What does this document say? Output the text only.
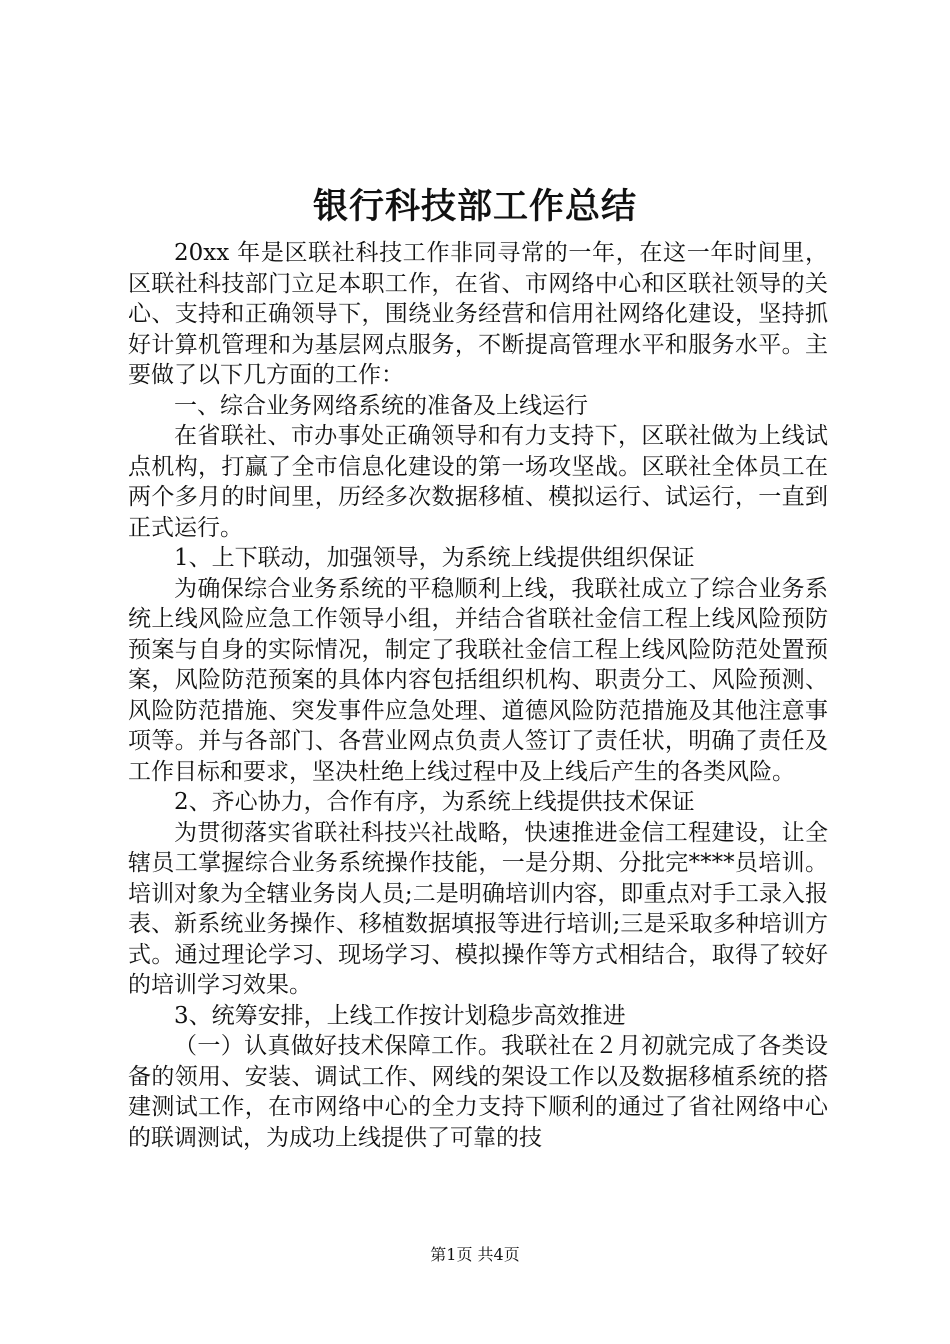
银行科技部工作总结

20xx 年是区联社科技工作非同寻常的一年，在这一年时间里，区联社科技部门立足本职工作，在省、市网络中心和区联社领导的关心、支持和正确领导下，围绕业务经营和信用社网络化建设，坚持抓好计算机管理和为基层网点服务，不断提高管理水平和服务水平。主要做了以下几方面的工作：

一、综合业务网络系统的准备及上线运行

在省联社、市办事处正确领导和有力支持下，区联社做为上线试点机构，打赢了全市信息化建设的第一场攻坚战。区联社全体员工在两个多月的时间里，历经多次数据移植、模拟运行、试运行，一直到正式运行。

1、上下联动，加强领导，为系统上线提供组织保证

为确保综合业务系统的平稳顺利上线，我联社成立了综合业务系统上线风险应急工作领导小组，并结合省联社金信工程上线风险预防预案与自身的实际情况，制定了我联社金信工程上线风险防范处置预案，风险防范预案的具体内容包括组织机构、职责分工、风险预测、风险防范措施、突发事件应急处理、道德风险防范措施及其他注意事项等。并与各部门、各营业网点负责人签订了责任状，明确了责任及工作目标和要求，坚决杜绝上线过程中及上线后产生的各类风险。

2、齐心协力，合作有序，为系统上线提供技术保证

为贯彻落实省联社科技兴社战略，快速推进金信工程建设，让全辖员工掌握综合业务系统操作技能，一是分期、分批完****员培训。培训对象为全辖业务岗人员;二是明确培训内容，即重点对手工录入报表、新系统业务操作、移植数据填报等进行培训;三是采取多种培训方式。通过理论学习、现场学习、模拟操作等方式相结合，取得了较好的培训学习效果。

3、统筹安排，上线工作按计划稳步高效推进

（一）认真做好技术保障工作。我联社在２月初就完成了各类设备的领用、安装、调试工作、网线的架设工作以及数据移植系统的搭建测试工作，在市网络中心的全力支持下顺利的通过了省社网络中心的联调测试，为成功上线提供了可靠的技

第1页 共4页
